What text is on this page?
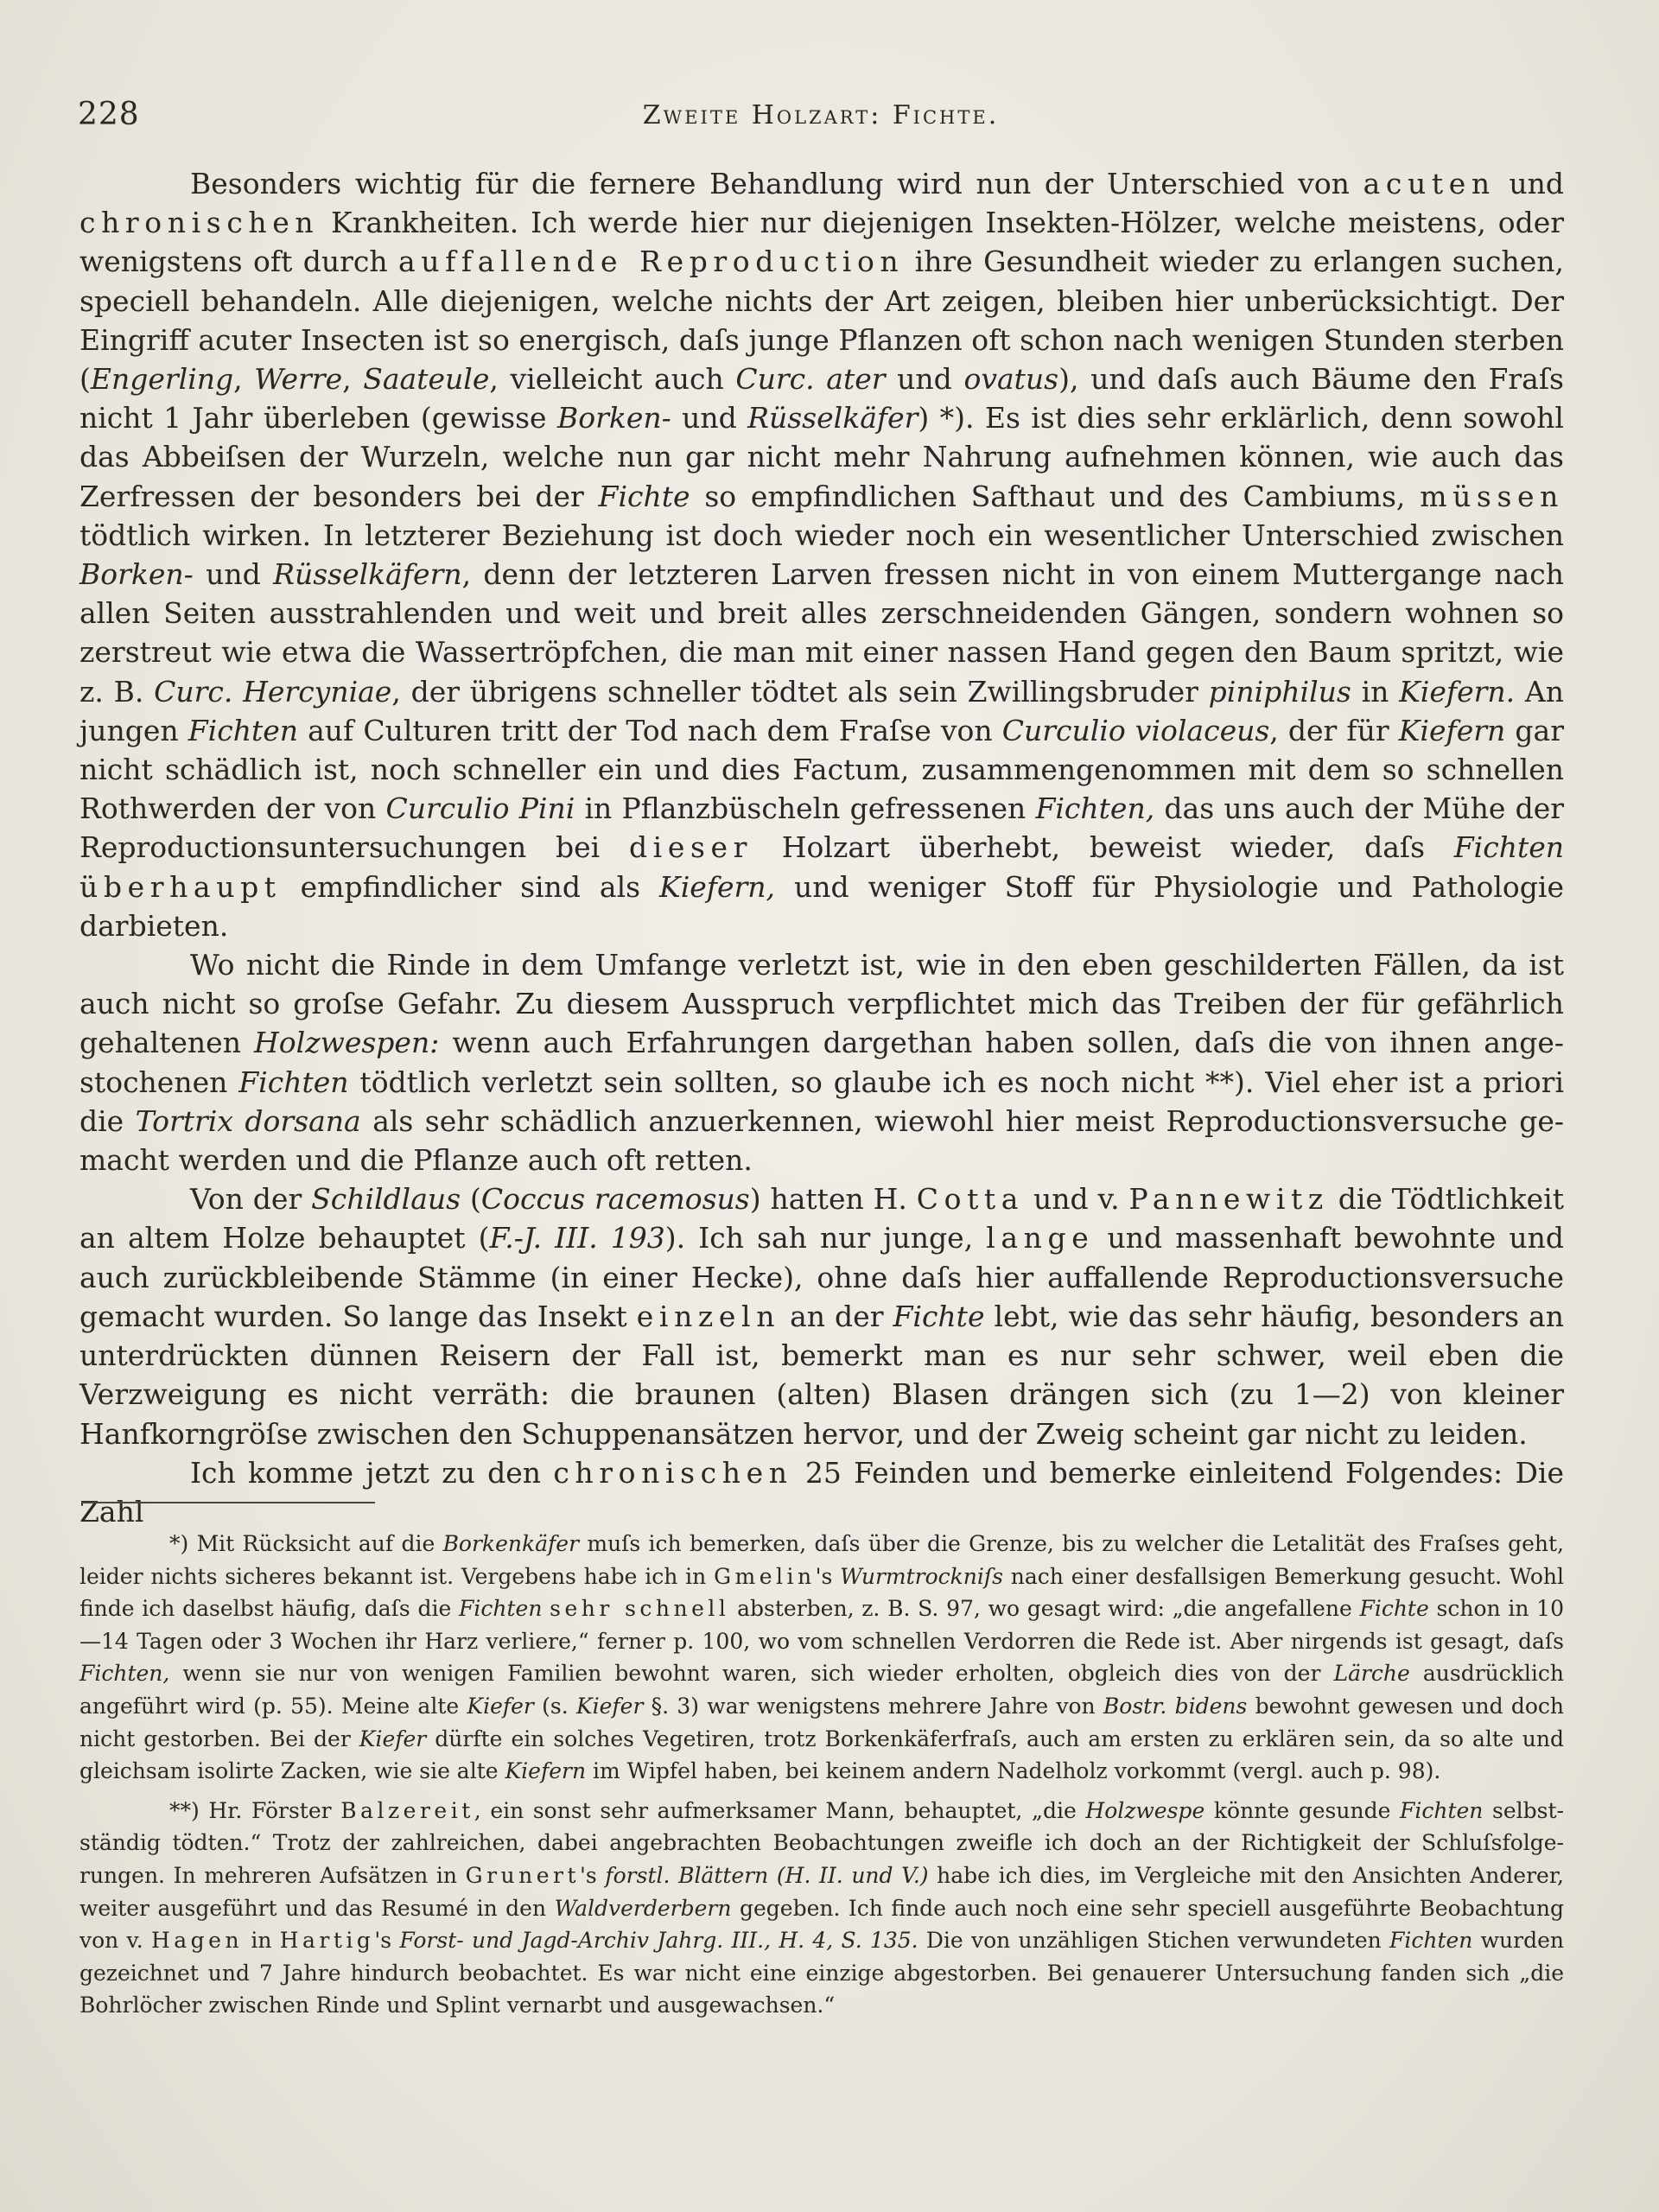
228	Zweite Holzart: Fichte.

Besonders wichtig für die fernere Behandlung wird nun der Unterschied von acuten und chronischen Krankheiten. Ich werde hier nur diejenigen Insekten-Hölzer, welche meistens, oder wenigstens oft durch auffallende Reproduction ihre Gesundheit wieder zu erlangen suchen, speciell behandeln. Alle diejenigen, welche nichts der Art zeigen, bleiben hier unberücksichtigt. Der Eingriff acuter Insecten ist so energisch, daſs junge Pflanzen oft schon nach wenigen Stunden sterben (Engerling, Werre, Saateule, vielleicht auch Curc. ater und ovatus), und daſs auch Bäume den Fraſs nicht 1 Jahr überleben (gewisse Borken- und Rüsselkäfer) *). Es ist dies sehr erklärlich, denn sowohl das Abbeiſsen der Wurzeln, welche nun gar nicht mehr Nahrung aufnehmen können, wie auch das Zerfressen der besonders bei der Fichte so empfindlichen Safthaut und des Cambiums, müssen tödtlich wirken. In letzterer Beziehung ist doch wieder noch ein wesentlicher Unterschied zwischen Borken- und Rüsselkäfern, denn der letzteren Larven fressen nicht in von einem Muttergange nach allen Seiten ausstrahlenden und weit und breit alles zerschneidenden Gängen, sondern wohnen so zerstreut wie etwa die Wassertröpfchen, die man mit einer nassen Hand gegen den Baum spritzt, wie z. B. Curc. Hercyniae, der übrigens schneller tödtet als sein Zwillingsbruder piniphilus in Kiefern. An jungen Fichten auf Culturen tritt der Tod nach dem Fraſse von Curculio violaceus, der für Kiefern gar nicht schädlich ist, noch schneller ein und dies Factum, zusammengenommen mit dem so schnellen Rothwerden der von Curculio Pini in Pflanzbüscheln gefressenen Fichten, das uns auch der Mühe der Reproductionsuntersuchungen bei dieser Holzart überhebt, beweist wieder, daſs Fichten überhaupt empfindlicher sind als Kiefern, und weniger Stoff für Physiologie und Pathologie darbieten.

Wo nicht die Rinde in dem Umfange verletzt ist, wie in den eben geschilderten Fällen, da ist auch nicht so groſse Gefahr. Zu diesem Ausspruch verpflichtet mich das Treiben der für gefährlich gehaltenen Holzwespen: wenn auch Erfahrungen dargethan haben sollen, daſs die von ihnen angestochenen Fichten tödtlich verletzt sein sollten, so glaube ich es noch nicht **). Viel eher ist a priori die Tortrix dorsana als sehr schädlich anzuerkennen, wiewohl hier meist Reproductionsversuche gemacht werden und die Pflanze auch oft retten.

Von der Schildlaus (Coccus racemosus) hatten H. Cotta und v. Pannewitz die Tödtlichkeit an altem Holze behauptet (F.-J. III. 193). Ich sah nur junge, lange und massenhaft bewohnte und auch zurückbleibende Stämme (in einer Hecke), ohne daſs hier auffallende Reproductionsversuche gemacht wurden. So lange das Insekt einzeln an der Fichte lebt, wie das sehr häufig, besonders an unterdrückten dünnen Reisern der Fall ist, bemerkt man es nur sehr schwer, weil eben die Verzweigung es nicht verräth: die braunen (alten) Blasen drängen sich (zu 1—2) von kleiner Hanfkorngröſse zwischen den Schuppenansätzen hervor, und der Zweig scheint gar nicht zu leiden.

Ich komme jetzt zu den chronischen 25 Feinden und bemerke einleitend Folgendes: Die Zahl

*) Mit Rücksicht auf die Borkenkäfer muſs ich bemerken, daſs über die Grenze, bis zu welcher die Letalität des Fraſses geht, leider nichts sicheres bekannt ist. Vergebens habe ich in Gmelin's Wurmtrockniſs nach einer desfallsigen Bemerkung gesucht. Wohl finde ich daselbst häufig, daſs die Fichten sehr schnell absterben, z. B. S. 97, wo gesagt wird: „die angefallene Fichte schon in 10—14 Tagen oder 3 Wochen ihr Harz verliere,“ ferner p. 100, wo vom schnellen Verdorren die Rede ist. Aber nirgends ist gesagt, daſs Fichten, wenn sie nur von wenigen Familien bewohnt waren, sich wieder erholten, obgleich dies von der Lärche ausdrücklich angeführt wird (p. 55). Meine alte Kiefer (s. Kiefer §. 3) war wenigstens mehrere Jahre von Bostr. bidens bewohnt gewesen und doch nicht gestorben. Bei der Kiefer dürfte ein solches Vegetiren, trotz Borkenkäferfraſs, auch am ersten zu erklären sein, da so alte und gleichsam isolirte Zacken, wie sie alte Kiefern im Wipfel haben, bei keinem andern Nadelholz vorkommt (vergl. auch p. 98).

**) Hr. Förster Balzereit, ein sonst sehr aufmerksamer Mann, behauptet, „die Holzwespe könnte gesunde Fichten selbstständig tödten.“ Trotz der zahlreichen, dabei angebrachten Beobachtungen zweifle ich doch an der Richtigkeit der Schluſsfolgerungen. In mehreren Aufsätzen in Grunert's forstl. Blättern (H. II. und V.) habe ich dies, im Vergleiche mit den Ansichten Anderer, weiter ausgeführt und das Resumé in den Waldverderbern gegeben. Ich finde auch noch eine sehr speciell ausgeführte Beobachtung von v. Hagen in Hartig's Forst- und Jagd-Archiv Jahrg. III., H. 4, S. 135. Die von unzähligen Stichen verwundeten Fichten wurden gezeichnet und 7 Jahre hindurch beobachtet. Es war nicht eine einzige abgestorben. Bei genauerer Untersuchung fanden sich „die Bohrlöcher zwischen Rinde und Splint vernarbt und ausgewachsen.“
